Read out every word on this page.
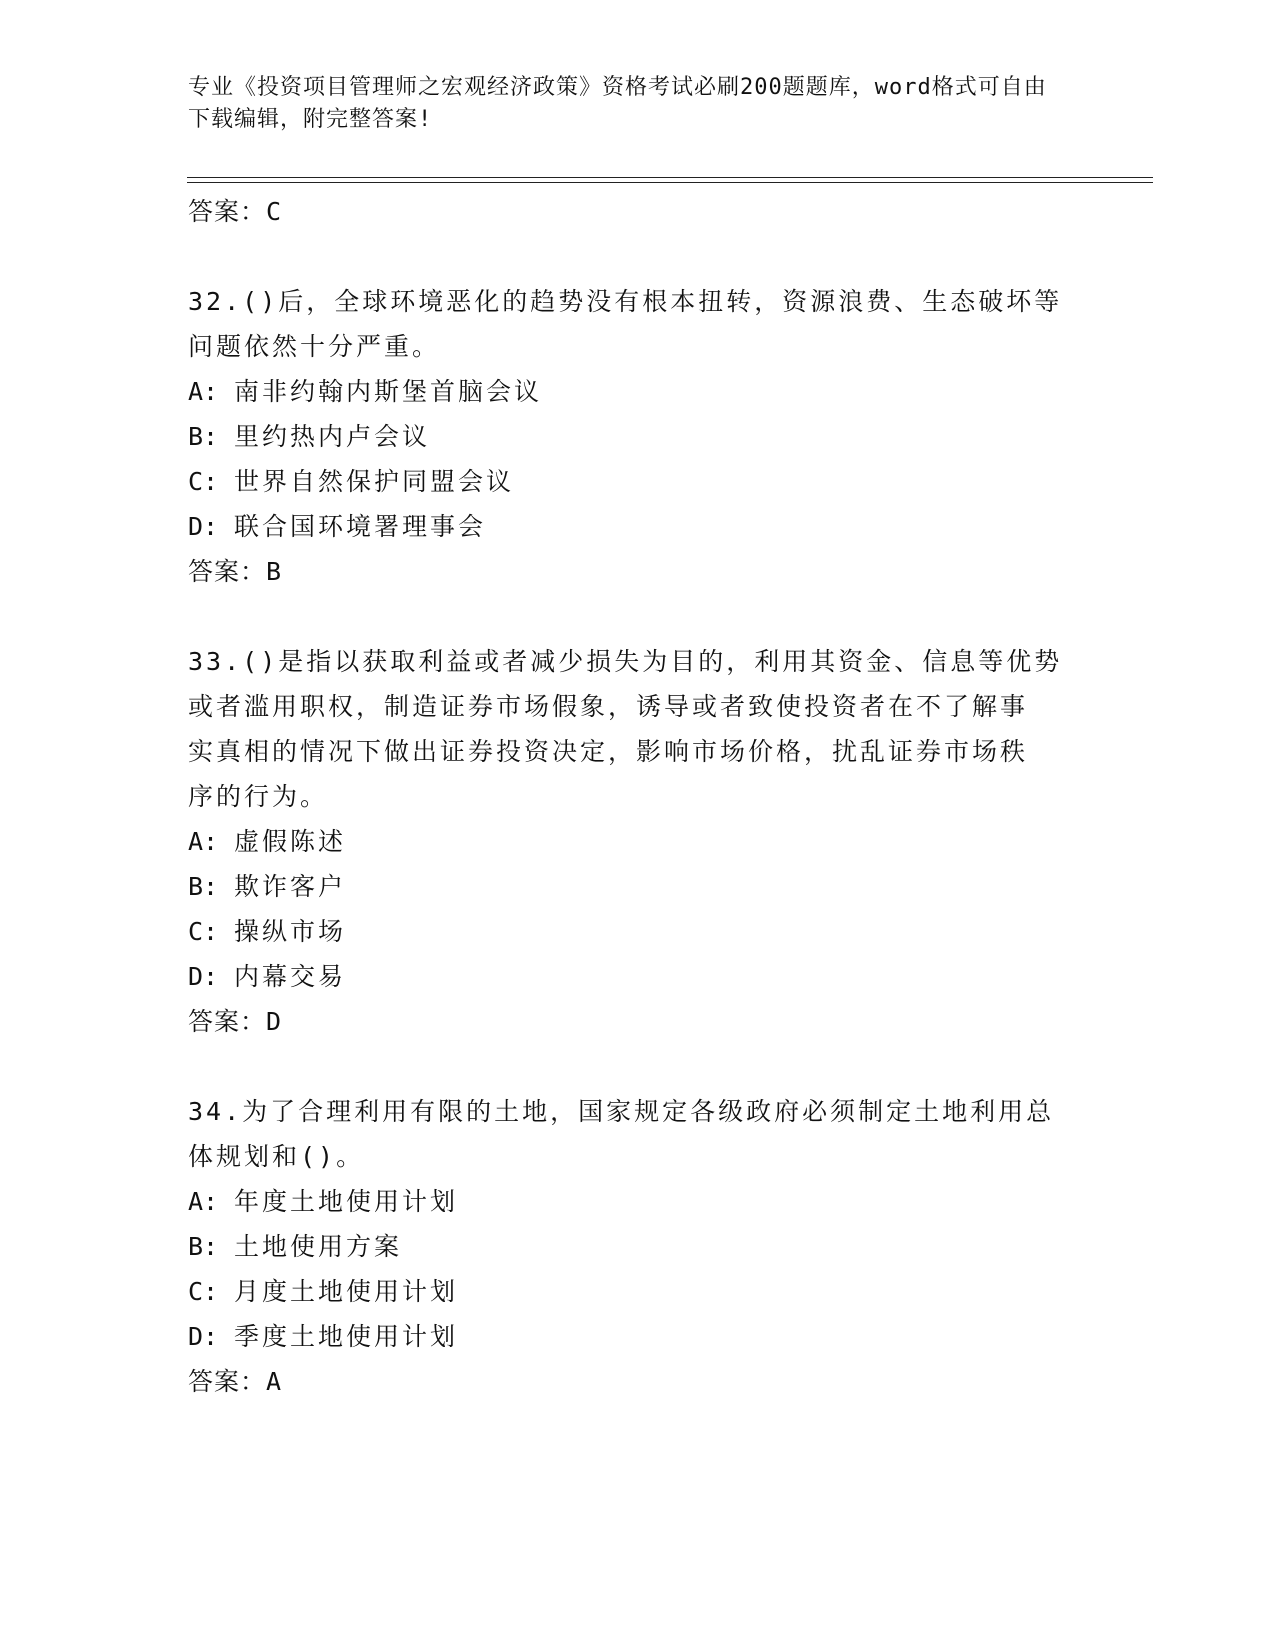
专业《投资项目管理师之宏观经济政策》资格考试必刷200题题库，word格式可自由下载编辑，附完整答案!
答案：C
32.()后，全球环境恶化的趋势没有根本扭转，资源浪费、生态破坏等
问题依然十分严重。
A: 南非约翰内斯堡首脑会议
B: 里约热内卢会议
C: 世界自然保护同盟会议
D: 联合国环境署理事会
答案：B
33.()是指以获取利益或者减少损失为目的，利用其资金、信息等优势
或者滥用职权，制造证券市场假象，诱导或者致使投资者在不了解事
实真相的情况下做出证券投资决定，影响市场价格，扰乱证券市场秩
序的行为。
A: 虚假陈述
B: 欺诈客户
C: 操纵市场
D: 内幕交易
答案：D
34.为了合理利用有限的土地，国家规定各级政府必须制定土地利用总
体规划和()。
A: 年度土地使用计划
B: 土地使用方案
C: 月度土地使用计划
D: 季度土地使用计划
答案：A
